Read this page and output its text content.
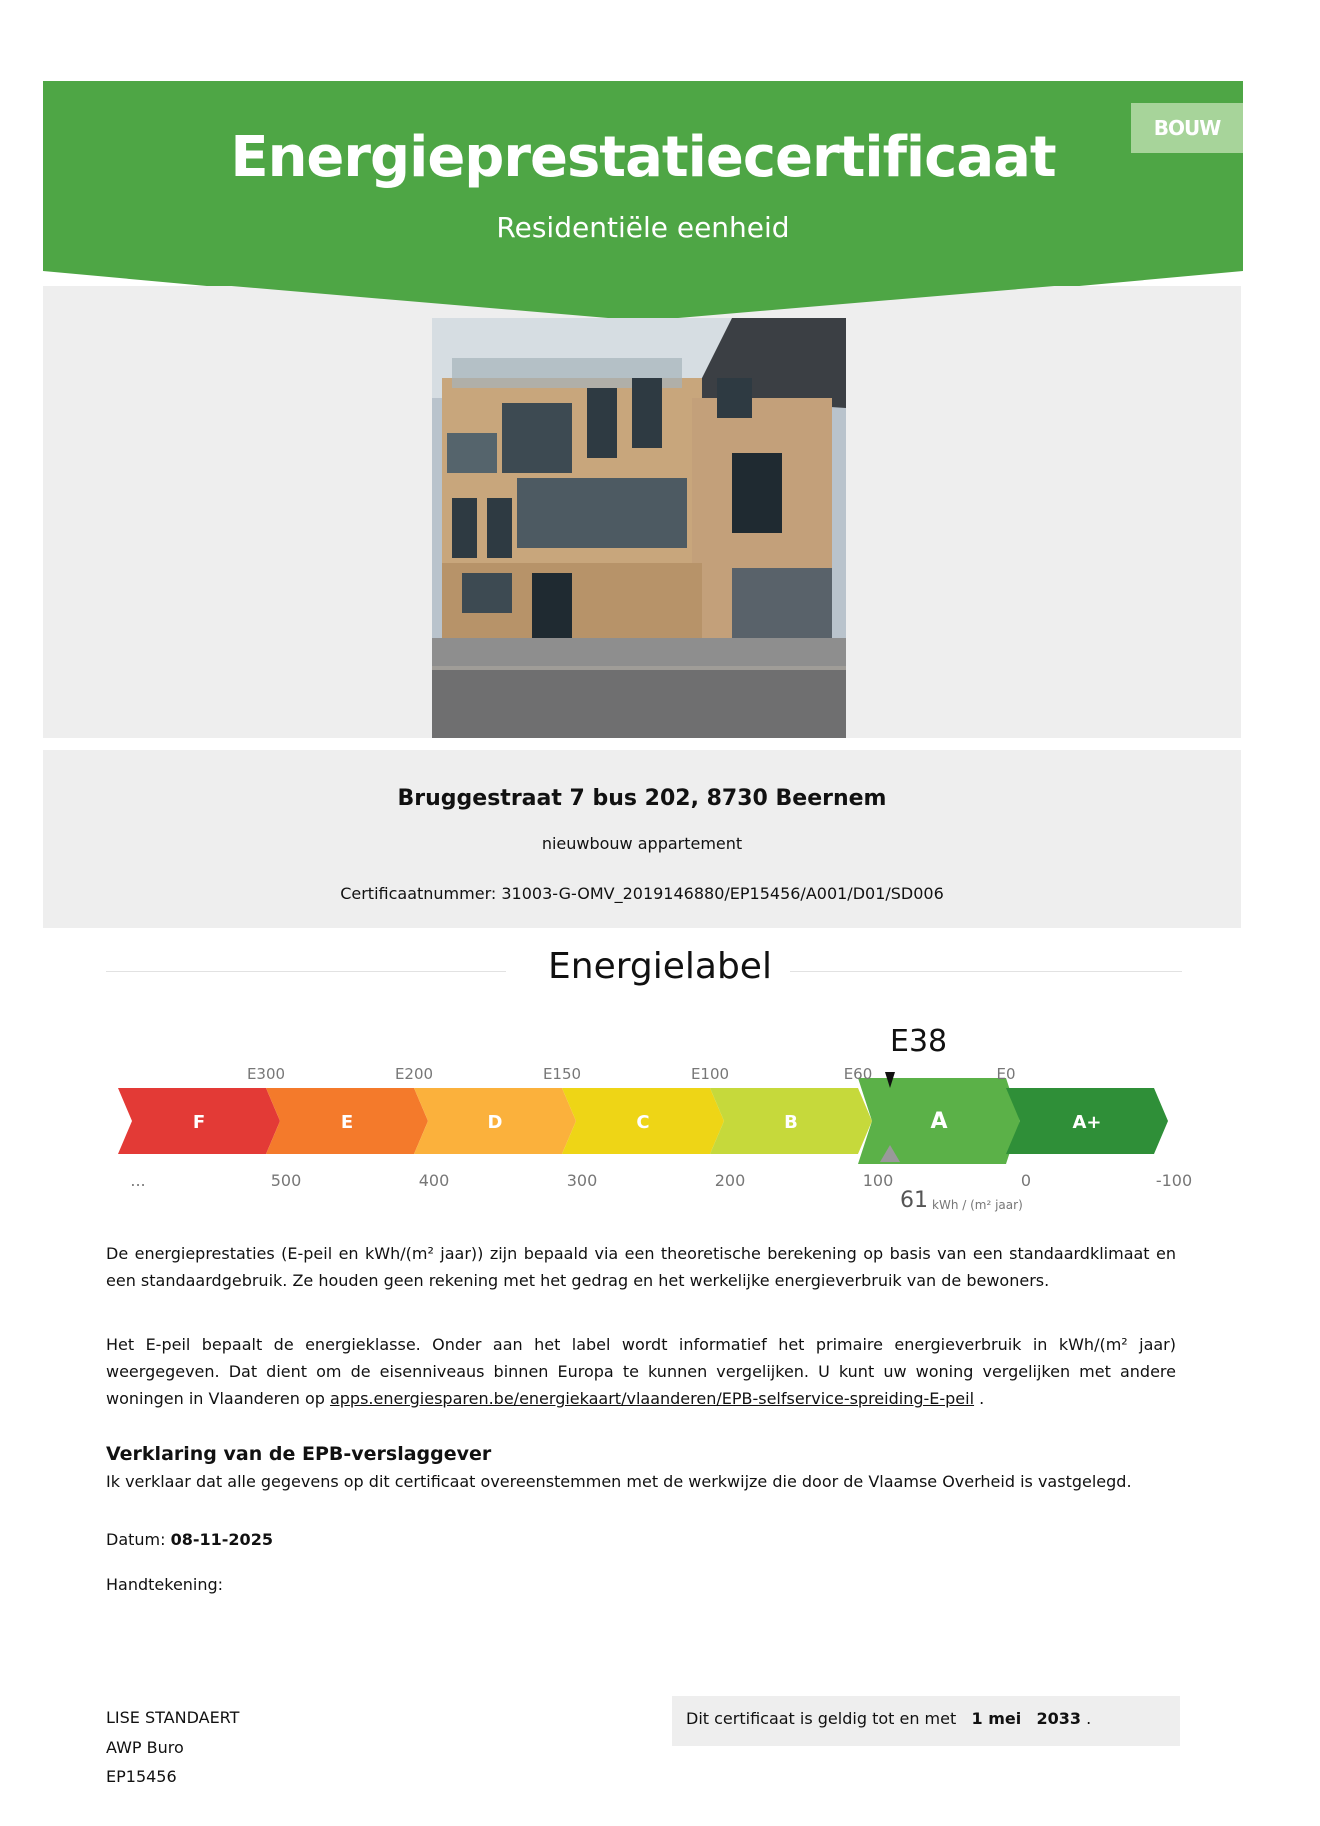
Energieprestatiecertificaat
Residentiële eenheid
BOUW
Bruggestraat 7 bus 202, 8730 Beernem
nieuwbouw appartement
Certificaatnummer: 31003-G-OMV_2019146880/EP15456/A001/D01/SD006
Energielabel
E38
F	E	D	C	B	A	A+
E300	E200	E150	E100	E60	E0
...	500	400	300	200	100	0	-100
61 kWh / (m² jaar)
De energieprestaties (E-peil en kWh/(m² jaar)) zijn bepaald via een theoretische berekening op basis van een standaardklimaat en een standaardgebruik. Ze houden geen rekening met het gedrag en het werkelijke energieverbruik van de bewoners.
Het E-peil bepaalt de energieklasse. Onder aan het label wordt informatief het primaire energieverbruik in kWh/(m² jaar) weergegeven. Dat dient om de eisenniveaus binnen Europa te kunnen vergelijken. U kunt uw woning vergelijken met andere woningen in Vlaanderen op apps.energiesparen.be/energiekaart/vlaanderen/EPB-selfservice-spreiding-E-peil .
Verklaring van de EPB-verslaggever
Ik verklaar dat alle gegevens op dit certificaat overeenstemmen met de werkwijze die door de Vlaamse Overheid is vastgelegd.
Datum: 08-11-2025
Handtekening:
LISE STANDAERT
AWP Buro
EP15456
Dit certificaat is geldig tot en met 1 mei 2033 .
